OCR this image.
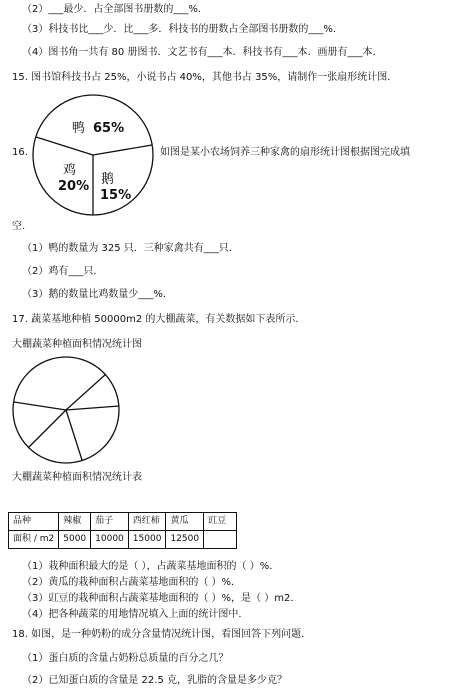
（2）___最少．占全部图书册数的___%．
（3）科技书比___少．比___多．科技书的册数占全部图书册数的___%．
（4）图书角一共有 80 册图书．文艺书有___本．科技书有___本．画册有___本．
15. 图书馆科技书占 25%，小说书占 40%，其他书占 35%，请制作一张扇形统计图．
16.
鸭 65%
鸡
20% 鹅
15%
如图是某小农场饲养三种家禽的扇形统计图根据图完成填
空．
（1）鸭的数量为 325 只．三种家禽共有___只．
（2）鸡有___只．
（3）鹅的数量比鸡数量少___%．
17. 蔬菜基地种植 50000m2 的大棚蔬菜，有关数据如下表所示．
大棚蔬菜种植面积情况统计图
大棚蔬菜种植面积情况统计表
品种	辣椒	茄子	西红柿	黄瓜	豇豆
面积 / m2	5000	10000	15000	12500	
（1）栽种面积最大的是（ ），占蔬菜基地面积的（ ）%．
（2）黄瓜的栽种面积占蔬菜基地面积的（ ）%．
（3）豇豆的栽种面积占蔬菜基地面积的（ ）%，是（ ）m2．
（4）把各种蔬菜的用地情况填入上面的统计图中．
18. 如图，是一种奶粉的成分含量情况统计图，看图回答下列问题．
（1）蛋白质的含量占奶粉总质量的百分之几？
（2）已知蛋白质的含量是 22.5 克，乳脂的含量是多少克？
